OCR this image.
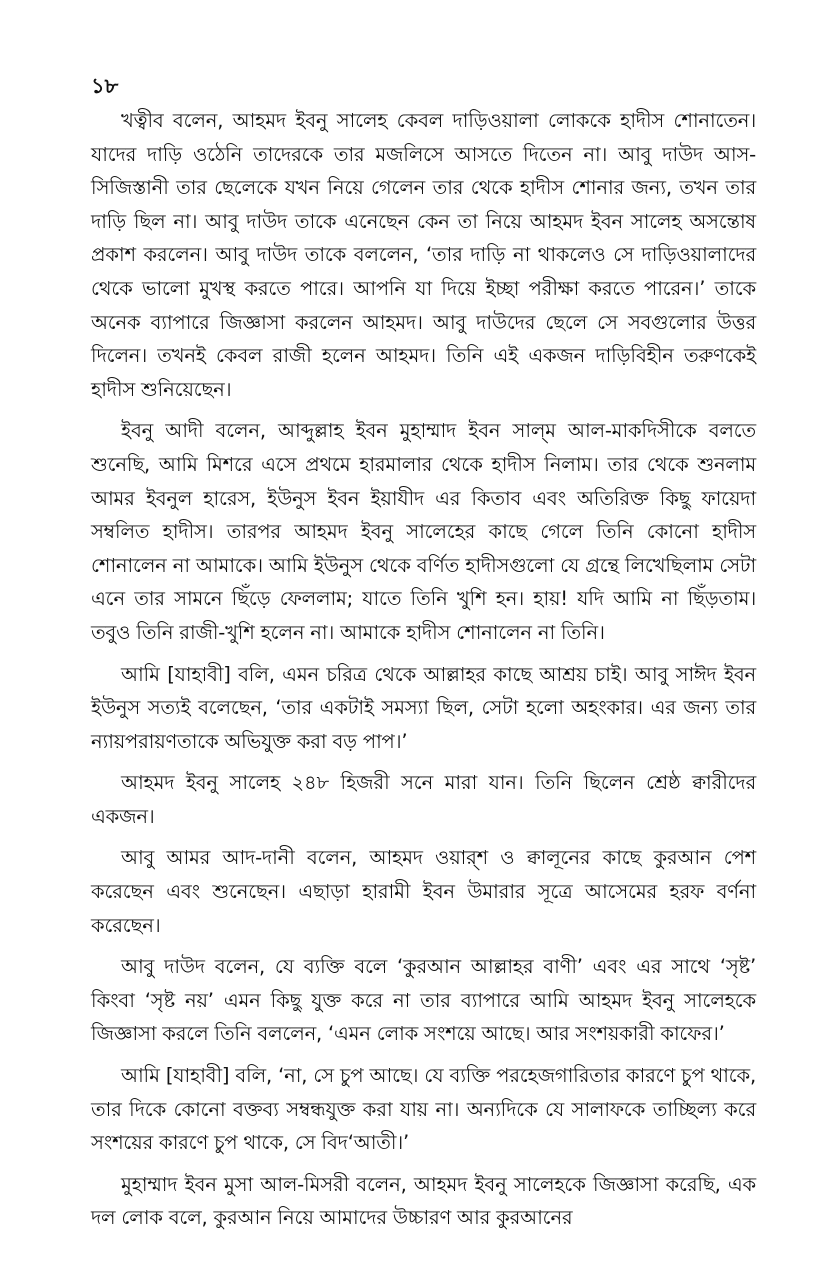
১৮

খত্বীব বলেন, আহমদ ইবনু সালেহ কেবল দাড়িওয়ালা লোককে হাদীস শোনাতেন। যাদের দাড়ি ওঠেনি তাদেরকে তার মজলিসে আসতে দিতেন না। আবু দাউদ আস-সিজিস্তানী তার ছেলেকে যখন নিয়ে গেলেন তার থেকে হাদীস শোনার জন্য, তখন তার দাড়ি ছিল না। আবু দাউদ তাকে এনেছেন কেন তা নিয়ে আহমদ ইবন সালেহ অসন্তোষ প্রকাশ করলেন। আবু দাউদ তাকে বললেন, ‘তার দাড়ি না থাকলেও সে দাড়িওয়ালাদের থেকে ভালো মুখস্থ করতে পারে। আপনি যা দিয়ে ইচ্ছা পরীক্ষা করতে পারেন।’ তাকে অনেক ব্যাপারে জিজ্ঞাসা করলেন আহমদ। আবু দাউদের ছেলে সে সবগুলোর উত্তর দিলেন। তখনই কেবল রাজী হলেন আহমদ। তিনি এই একজন দাড়িবিহীন তরুণকেই হাদীস শুনিয়েছেন।

ইবনু আদী বলেন, আব্দুল্লাহ ইবন মুহাম্মাদ ইবন সাল্‌ম আল-মাকদিসীকে বলতে শুনেছি, আমি মিশরে এসে প্রথমে হারমালার থেকে হাদীস নিলাম। তার থেকে শুনলাম আমর ইবনুল হারেস, ইউনুস ইবন ইয়াযীদ এর কিতাব এবং অতিরিক্ত কিছু ফায়েদা সম্বলিত হাদীস। তারপর আহমদ ইবনু সালেহের কাছে গেলে তিনি কোনো হাদীস শোনালেন না আমাকে। আমি ইউনুস থেকে বর্ণিত হাদীসগুলো যে গ্রন্থে লিখেছিলাম সেটা এনে তার সামনে ছিঁড়ে ফেললাম; যাতে তিনি খুশি হন। হায়! যদি আমি না ছিঁড়তাম। তবুও তিনি রাজী-খুশি হলেন না। আমাকে হাদীস শোনালেন না তিনি।

আমি [যাহাবী] বলি, এমন চরিত্র থেকে আল্লাহর কাছে আশ্রয় চাই। আবু সাঈদ ইবন ইউনুস সত্যই বলেছেন, ‘তার একটাই সমস্যা ছিল, সেটা হলো অহংকার। এর জন্য তার ন্যায়পরায়ণতাকে অভিযুক্ত করা বড় পাপ।’

আহমদ ইবনু সালেহ ২৪৮ হিজরী সনে মারা যান। তিনি ছিলেন শ্রেষ্ঠ ক্বারীদের একজন।

আবু আমর আদ-দানী বলেন, আহমদ ওয়ার্‌শ ও ক্বালূনের কাছে কুরআন পেশ করেছেন এবং শুনেছেন। এছাড়া হারামী ইবন উমারার সূত্রে আসেমের হরফ বর্ণনা করেছেন।

আবু দাউদ বলেন, যে ব্যক্তি বলে ‘কুরআন আল্লাহর বাণী’ এবং এর সাথে ‘সৃষ্ট’ কিংবা ‘সৃষ্ট নয়’ এমন কিছু যুক্ত করে না তার ব্যাপারে আমি আহমদ ইবনু সালেহকে জিজ্ঞাসা করলে তিনি বললেন, ‘এমন লোক সংশয়ে আছে। আর সংশয়কারী কাফের।’

আমি [যাহাবী] বলি, ‘না, সে চুপ আছে। যে ব্যক্তি পরহেজগারিতার কারণে চুপ থাকে, তার দিকে কোনো বক্তব্য সম্বন্ধযুক্ত করা যায় না। অন্যদিকে যে সালাফকে তাচ্ছিল্য করে সংশয়ের কারণে চুপ থাকে, সে বিদ‘আতী।’

মুহাম্মাদ ইবন মুসা আল-মিসরী বলেন, আহমদ ইবনু সালেহকে জিজ্ঞাসা করেছি, এক দল লোক বলে, কুরআন নিয়ে আমাদের উচ্চারণ আর কুরআনের
